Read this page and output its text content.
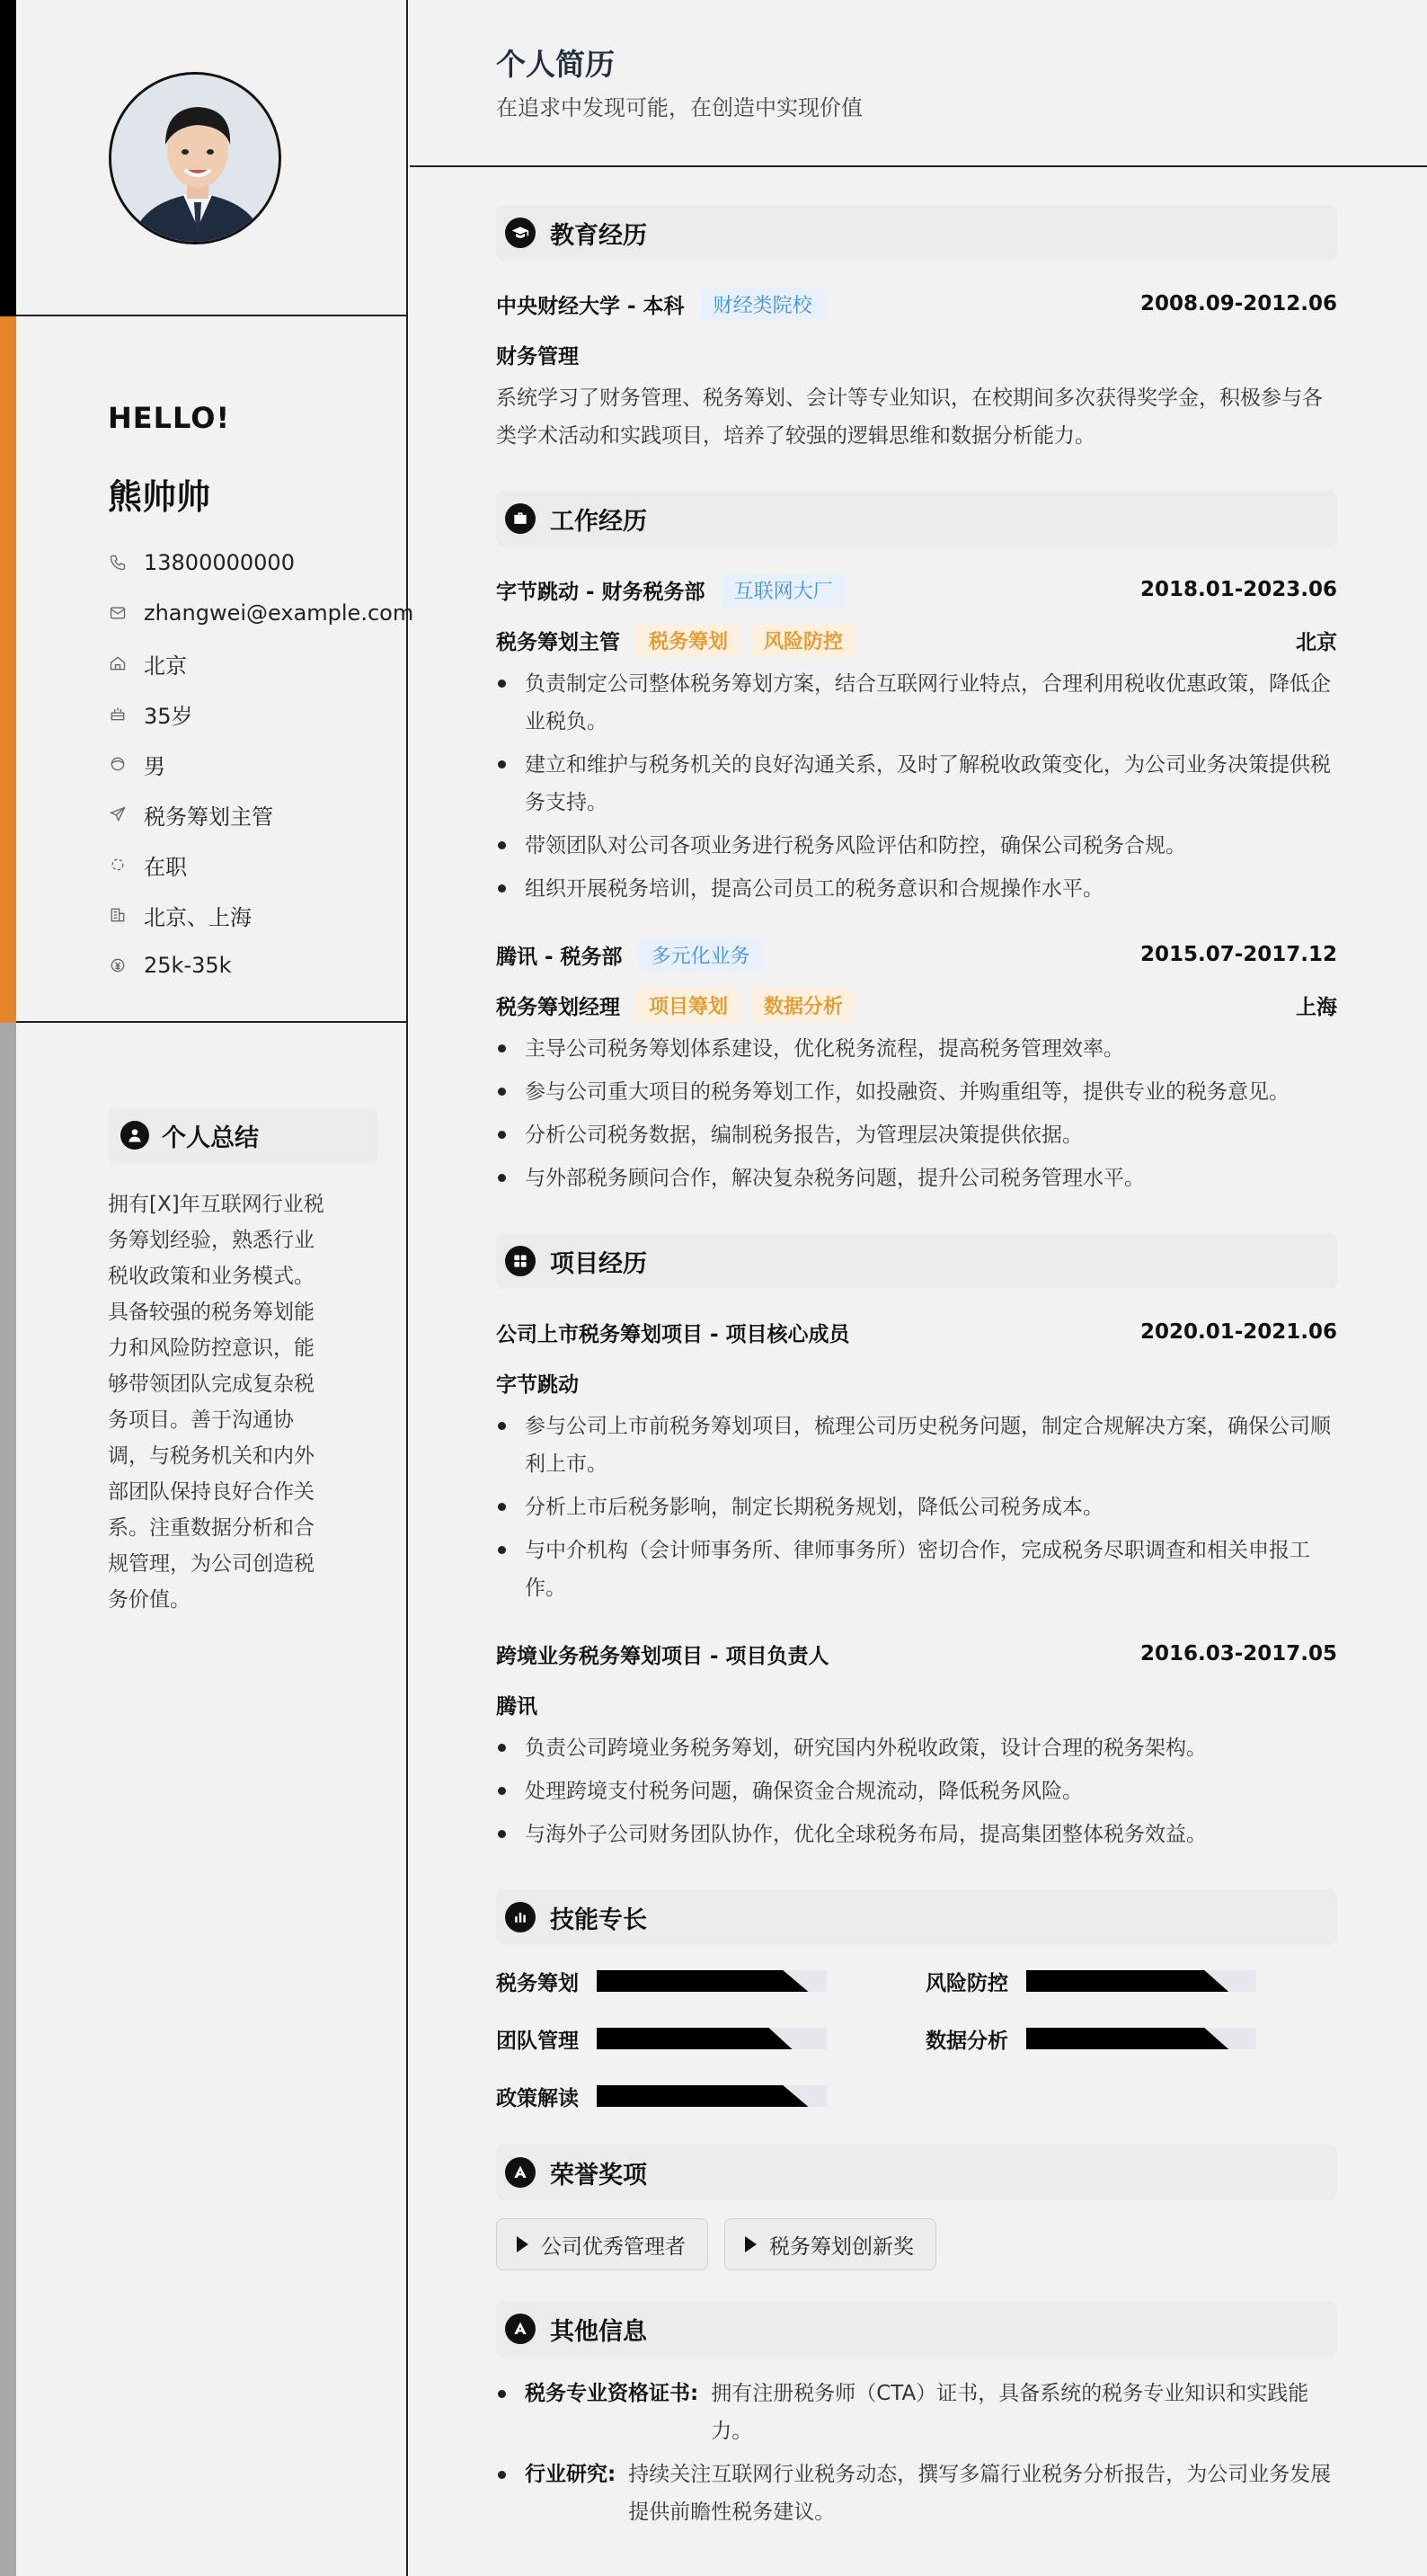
HELLO!
熊帅帅
13800000000
zhangwei@example.com
北京
35岁
男
税务筹划主管
在职
北京、上海
25k-35k
个人总结
拥有[X]年互联网行业税务筹划经验，熟悉行业税收政策和业务模式。具备较强的税务筹划能力和风险防控意识，能够带领团队完成复杂税务项目。善于沟通协调，与税务机关和内外部团队保持良好合作关系。注重数据分析和合规管理，为公司创造税务价值。
个人简历
在追求中发现可能，在创造中实现价值
教育经历
中央财经大学 - 本科	财经类院校	2008.09-2012.06
财务管理

系统学习了财务管理、税务筹划、会计等专业知识，在校期间多次获得奖学金，积极参与各类学术活动和实践项目，培养了较强的逻辑思维和数据分析能力。

工作经历
字节跳动 - 财务税务部	互联网大厂	2018.01-2023.06
税务筹划主管	税务筹划	风险防控	北京
负责制定公司整体税务筹划方案，结合互联网行业特点，合理利用税收优惠政策，降低企业税负。
建立和维护与税务机关的良好沟通关系，及时了解税收政策变化，为公司业务决策提供税务支持。
带领团队对公司各项业务进行税务风险评估和防控，确保公司税务合规。
组织开展税务培训，提高公司员工的税务意识和合规操作水平。
腾讯 - 税务部	多元化业务	2015.07-2017.12
税务筹划经理	项目筹划	数据分析	上海
主导公司税务筹划体系建设，优化税务流程，提高税务管理效率。
参与公司重大项目的税务筹划工作，如投融资、并购重组等，提供专业的税务意见。
分析公司税务数据，编制税务报告，为管理层决策提供依据。
与外部税务顾问合作，解决复杂税务问题，提升公司税务管理水平。
项目经历
公司上市税务筹划项目 - 项目核心成员	2020.01-2021.06
字节跳动
参与公司上市前税务筹划项目，梳理公司历史税务问题，制定合规解决方案，确保公司顺利上市。
分析上市后税务影响，制定长期税务规划，降低公司税务成本。
与中介机构（会计师事务所、律师事务所）密切合作，完成税务尽职调查和相关申报工作。
跨境业务税务筹划项目 - 项目负责人	2016.03-2017.05
腾讯
负责公司跨境业务税务筹划，研究国内外税收政策，设计合理的税务架构。
处理跨境支付税务问题，确保资金合规流动，降低税务风险。
与海外子公司财务团队协作，优化全球税务布局，提高集团整体税务效益。
技能专长
税务筹划	风险防控
团队管理	数据分析
政策解读
荣誉奖项
公司优秀管理者	税务筹划创新奖
其他信息
税务专业资格证书: 拥有注册税务师（CTA）证书，具备系统的税务专业知识和实践能力。
行业研究: 持续关注互联网行业税务动态，撰写多篇行业税务分析报告，为公司业务发展提供前瞻性税务建议。
